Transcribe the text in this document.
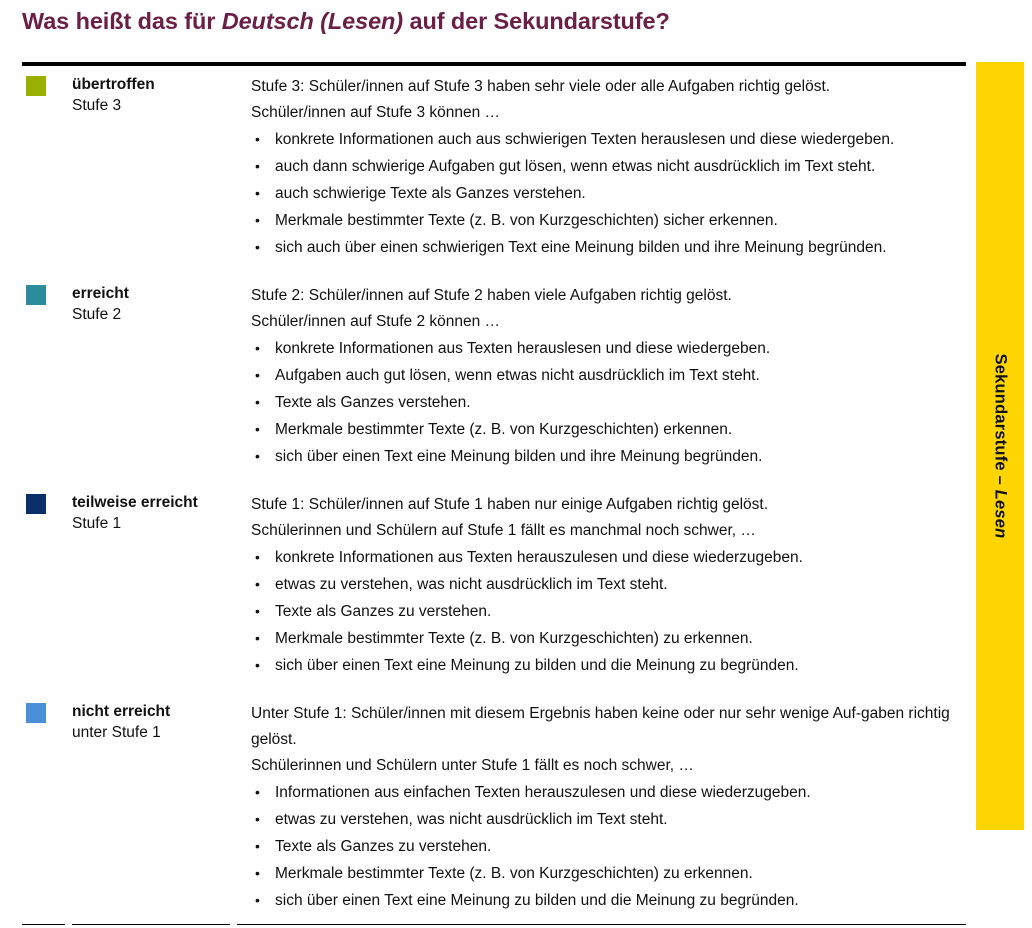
Was heißt das für Deutsch (Lesen) auf der Sekundarstufe?
Sekundarstufe – Lesen
übertroffen
Stufe 3
Stufe 3: Schüler/innen auf Stufe 3 haben sehr viele oder alle Aufgaben richtig gelöst.
Schüler/innen auf Stufe 3 können …
• konkrete Informationen auch aus schwierigen Texten herauslesen und diese wiedergeben.
• auch dann schwierige Aufgaben gut lösen, wenn etwas nicht ausdrücklich im Text steht.
• auch schwierige Texte als Ganzes verstehen.
• Merkmale bestimmter Texte (z. B. von Kurzgeschichten) sicher erkennen.
• sich auch über einen schwierigen Text eine Meinung bilden und ihre Meinung begründen.
erreicht
Stufe 2
Stufe 2: Schüler/innen auf Stufe 2 haben viele Aufgaben richtig gelöst.
Schüler/innen auf Stufe 2 können …
• konkrete Informationen aus Texten herauslesen und diese wiedergeben.
• Aufgaben auch gut lösen, wenn etwas nicht ausdrücklich im Text steht.
• Texte als Ganzes verstehen.
• Merkmale bestimmter Texte (z. B. von Kurzgeschichten) erkennen.
• sich über einen Text eine Meinung bilden und ihre Meinung begründen.
teilweise erreicht
Stufe 1
Stufe 1: Schüler/innen auf Stufe 1 haben nur einige Aufgaben richtig gelöst.
Schülerinnen und Schülern auf Stufe 1 fällt es manchmal noch schwer, …
• konkrete Informationen aus Texten herauszulesen und diese wiederzugeben.
• etwas zu verstehen, was nicht ausdrücklich im Text steht.
• Texte als Ganzes zu verstehen.
• Merkmale bestimmter Texte (z. B. von Kurzgeschichten) zu erkennen.
• sich über einen Text eine Meinung zu bilden und die Meinung zu begründen.
nicht erreicht
unter Stufe 1
Unter Stufe 1: Schüler/innen mit diesem Ergebnis haben keine oder nur sehr wenige Auf-gaben richtig gelöst.
Schülerinnen und Schülern unter Stufe 1 fällt es noch schwer, …
• Informationen aus einfachen Texten herauszulesen und diese wiederzugeben.
• etwas zu verstehen, was nicht ausdrücklich im Text steht.
• Texte als Ganzes zu verstehen.
• Merkmale bestimmter Texte (z. B. von Kurzgeschichten) zu erkennen.
• sich über einen Text eine Meinung zu bilden und die Meinung zu begründen.
